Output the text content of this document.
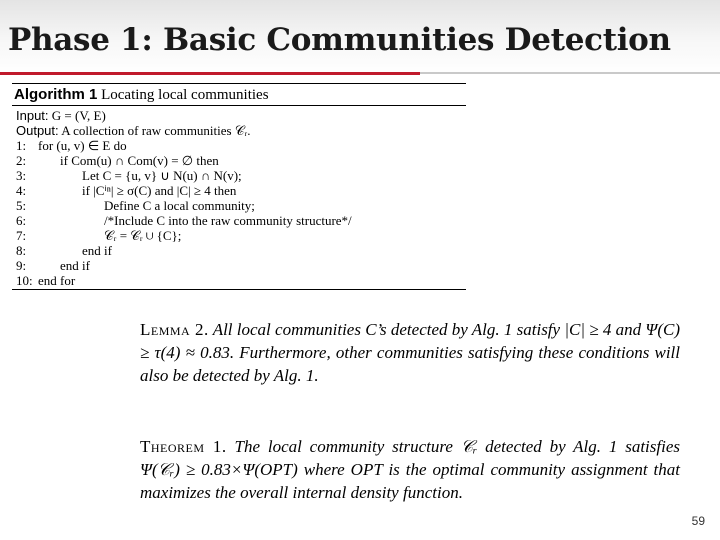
Phase 1: Basic Communities Detection
Algorithm 1 Locating local communities
Input: G = (V, E)
Output: A collection of raw communities 𝒞ᵣ.
1: for (u, v) ∈ E do
2:	if Com(u) ∩ Com(v) = ∅ then
3:	Let C = {u, v} ∪ N(u) ∩ N(v);
4:	if |Cⁱⁿ| ≥ σ(C) and |C| ≥ 4 then
5:	Define C a local community;
6:	/*Include C into the raw community structure*/
7:	𝒞ᵣ = 𝒞ᵣ ∪ {C};
8:	end if
9:	end if
10: end for
Lemma 2. All local communities C’s detected by Alg. 1 satisfy |C| ≥ 4 and Ψ(C) ≥ τ(4) ≈ 0.83. Furthermore, other communities satisfying these conditions will also be detected by Alg. 1.
Theorem 1. The local community structure 𝒞ᵣ detected by Alg. 1 satisfies Ψ(𝒞ᵣ) ≥ 0.83×Ψ(OPT) where OPT is the optimal community assignment that maximizes the overall internal density function.
59
